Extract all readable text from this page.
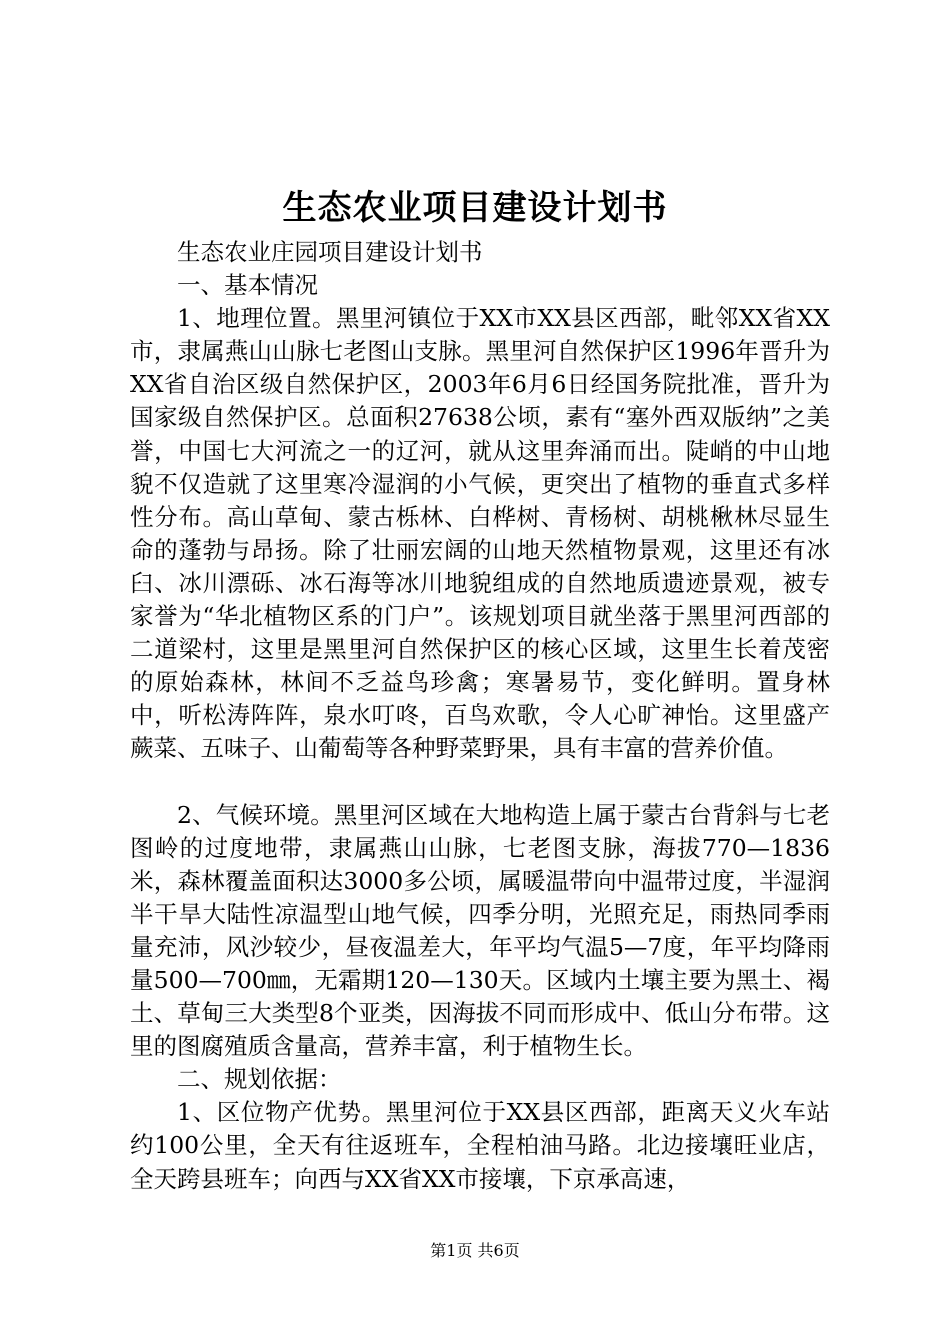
生态农业项目建设计划书

生态农业庄园项目建设计划书

一、基本情况

1、地理位置。黑里河镇位于XX市XX县区西部，毗邻XX省XX市，隶属燕山山脉七老图山支脉。黑里河自然保护区1996年晋升为XX省自治区级自然保护区，2003年6月6日经国务院批准，晋升为国家级自然保护区。总面积27638公顷，素有“塞外西双版纳”之美誉，中国七大河流之一的辽河，就从这里奔涌而出。陡峭的中山地貌不仅造就了这里寒冷湿润的小气候，更突出了植物的垂直式多样性分布。高山草甸、蒙古栎林、白桦树、青杨树、胡桃楸林尽显生命的蓬勃与昂扬。除了壮丽宏阔的山地天然植物景观，这里还有冰臼、冰川漂砾、冰石海等冰川地貌组成的自然地质遗迹景观，被专家誉为“华北植物区系的门户”。该规划项目就坐落于黑里河西部的二道梁村，这里是黑里河自然保护区的核心区域，这里生长着茂密的原始森林，林间不乏益鸟珍禽；寒暑易节，变化鲜明。置身林中，听松涛阵阵，泉水叮咚，百鸟欢歌，令人心旷神怡。这里盛产蕨菜、五味子、山葡萄等各种野菜野果，具有丰富的营养价值。

2、气候环境。黑里河区域在大地构造上属于蒙古台背斜与七老图岭的过度地带，隶属燕山山脉，七老图支脉，海拔770—1836米，森林覆盖面积达3000多公顷，属暖温带向中温带过度，半湿润半干旱大陆性凉温型山地气候，四季分明，光照充足，雨热同季雨量充沛，风沙较少，昼夜温差大，年平均气温5—7度，年平均降雨量500—700㎜，无霜期120—130天。区域内土壤主要为黑土、褐土、草甸三大类型8个亚类，因海拔不同而形成中、低山分布带。这里的图腐殖质含量高，营养丰富，利于植物生长。

二、规划依据：

1、区位物产优势。黑里河位于XX县区西部，距离天义火车站约100公里，全天有往返班车，全程柏油马路。北边接壤旺业店，全天跨县班车；向西与XX省XX市接壤，下京承高速，

第1页 共6页
